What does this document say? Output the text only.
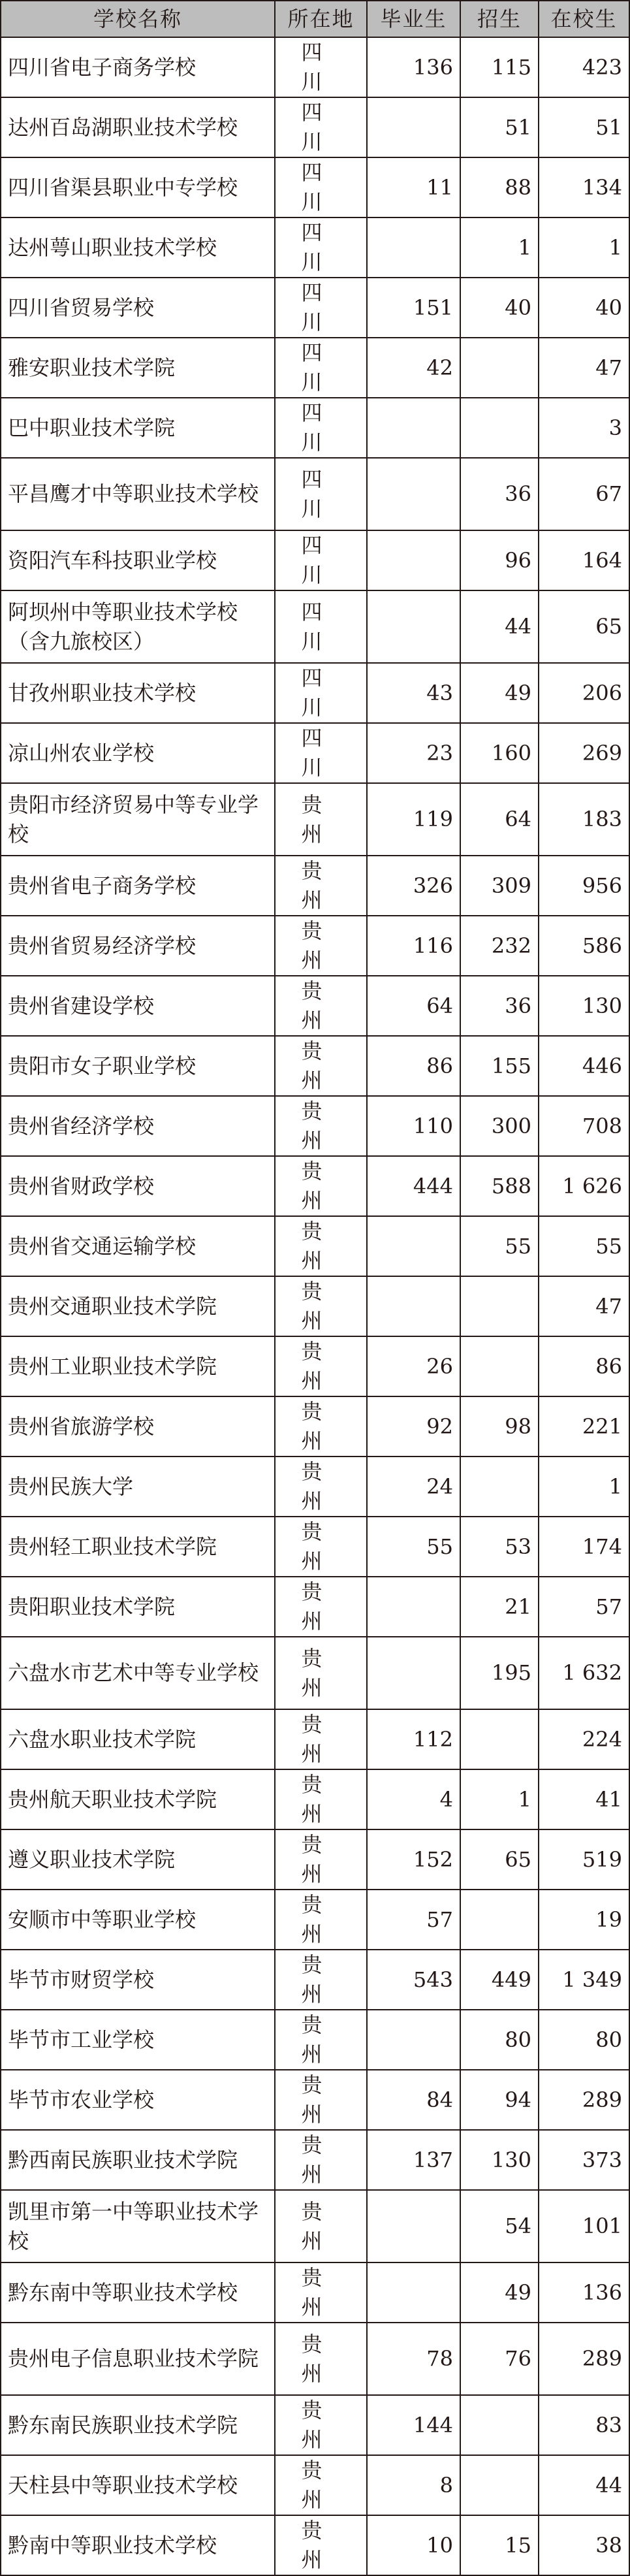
学校名称	所在地	毕业生	招生	在校生
四川省电子商务学校	四川	136	115	423
达州百岛湖职业技术学校	四川		51	51
四川省渠县职业中专学校	四川	11	88	134
达州萼山职业技术学校	四川		1	1
四川省贸易学校	四川	151	40	40
雅安职业技术学院	四川	42		47
巴中职业技术学院	四川			3
平昌鹰才中等职业技术学校	四川		36	67
资阳汽车科技职业学校	四川		96	164
阿坝州中等职业技术学校（含九旅校区）	四川		44	65
甘孜州职业技术学校	四川	43	49	206
凉山州农业学校	四川	23	160	269
贵阳市经济贸易中等专业学校	贵州	119	64	183
贵州省电子商务学校	贵州	326	309	956
贵州省贸易经济学校	贵州	116	232	586
贵州省建设学校	贵州	64	36	130
贵阳市女子职业学校	贵州	86	155	446
贵州省经济学校	贵州	110	300	708
贵州省财政学校	贵州	444	588	1 626
贵州省交通运输学校	贵州		55	55
贵州交通职业技术学院	贵州			47
贵州工业职业技术学院	贵州	26		86
贵州省旅游学校	贵州	92	98	221
贵州民族大学	贵州	24		1
贵州轻工职业技术学院	贵州	55	53	174
贵阳职业技术学院	贵州		21	57
六盘水市艺术中等专业学校	贵州		195	1 632
六盘水职业技术学院	贵州	112		224
贵州航天职业技术学院	贵州	4	1	41
遵义职业技术学院	贵州	152	65	519
安顺市中等职业学校	贵州	57		19
毕节市财贸学校	贵州	543	449	1 349
毕节市工业学校	贵州		80	80
毕节市农业学校	贵州	84	94	289
黔西南民族职业技术学院	贵州	137	130	373
凯里市第一中等职业技术学校	贵州		54	101
黔东南中等职业技术学校	贵州		49	136
贵州电子信息职业技术学院	贵州	78	76	289
黔东南民族职业技术学院	贵州	144		83
天柱县中等职业技术学校	贵州	8		44
黔南中等职业技术学校	贵州	10	15	38
